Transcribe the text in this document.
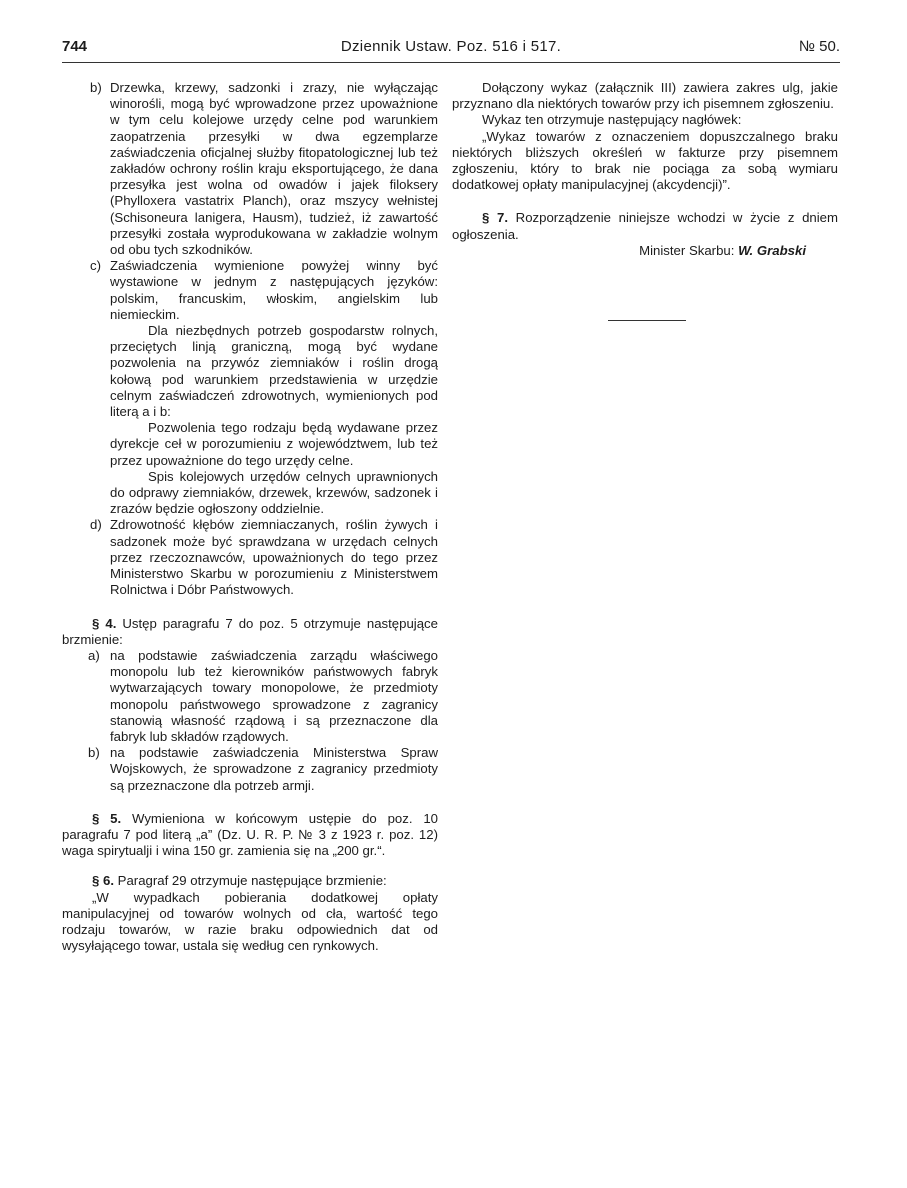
744	Dziennik Ustaw. Poz. 516 i 517.	№ 50.
b) Drzewka, krzewy, sadzonki i zrazy, nie wyłączając winorośli, mogą być wprowadzone przez upoważnione w tym celu kolejowe urzędy celne pod warunkiem zaopatrzenia przesyłki w dwa egzemplarze zaświadczenia oficjalnej służby fitopatologicznej lub też zakładów ochrony roślin kraju eksportującego, że dana przesyłka jest wolna od owadów i jajek filoksery (Phylloxera vastatrix Planch), oraz mszycy wełnistej (Schisoneura lanigera, Hausm), tudzież, iż zawartość przesyłki została wyprodukowana w zakładzie wolnym od obu tych szkodników.
c) Zaświadczenia wymienione powyżej winny być wystawione w jednym z następujących języków: polskim, francuskim, włoskim, angielskim lub niemieckim.
Dla niezbędnych potrzeb gospodarstw rolnych, przeciętych linją graniczną, mogą być wydane pozwolenia na przywóz ziemniaków i roślin drogą kołową pod warunkiem przedstawienia w urzędzie celnym zaświadczeń zdrowotnych, wymienionych pod literą a i b:
Pozwolenia tego rodzaju będą wydawane przez dyrekcje ceł w porozumieniu z województwem, lub też przez upoważnione do tego urzędy celne.
Spis kolejowych urzędów celnych uprawnionych do odprawy ziemniaków, drzewek, krzewów, sadzonek i zrazów będzie ogłoszony oddzielnie.
d) Zdrowotność kłębów ziemniaczanych, roślin żywych i sadzonek może być sprawdzana w urzędach celnych przez rzeczoznawców, upoważnionych do tego przez Ministerstwo Skarbu w porozumieniu z Ministerstwem Rolnictwa i Dóbr Państwowych.
§ 4. Ustęp paragrafu 7 do poz. 5 otrzymuje następujące brzmienie:
a) na podstawie zaświadczenia zarządu właściwego monopolu lub też kierowników państwowych fabryk wytwarzających towary monopolowe, że przedmioty monopolu państwowego sprowadzone z zagranicy stanowią własność rządową i są przeznaczone dla fabryk lub składów rządowych.
b) na podstawie zaświadczenia Ministerstwa Spraw Wojskowych, że sprowadzone z zagranicy przedmioty są przeznaczone dla potrzeb armji.
§ 5. Wymieniona w końcowym ustępie do poz. 10 paragrafu 7 pod literą „a” (Dz. U. R. P. № 3 z 1923 r. poz. 12) waga spirytualji i wina 150 gr. zamienia się na „200 gr.“.
§ 6. Paragraf 29 otrzymuje następujące brzmienie:
„W wypadkach pobierania dodatkowej opłaty manipulacyjnej od towarów wolnych od cła, wartość tego rodzaju towarów, w razie braku odpowiednich dat od wysyłającego towar, ustala się według cen rynkowych.
Dołączony wykaz (załącznik III) zawiera zakres ulg, jakie przyznano dla niektórych towarów przy ich pisemnem zgłoszeniu.
Wykaz ten otrzymuje następujący nagłówek:
„Wykaz towarów z oznaczeniem dopuszczalnego braku niektórych bliższych określeń w fakturze przy pisemnem zgłoszeniu, który to brak nie pociąga za sobą wymiaru dodatkowej opłaty manipulacyjnej (akcydencji)”.
§ 7. Rozporządzenie niniejsze wchodzi w życie z dniem ogłoszenia.
Minister Skarbu: W. Grabski
